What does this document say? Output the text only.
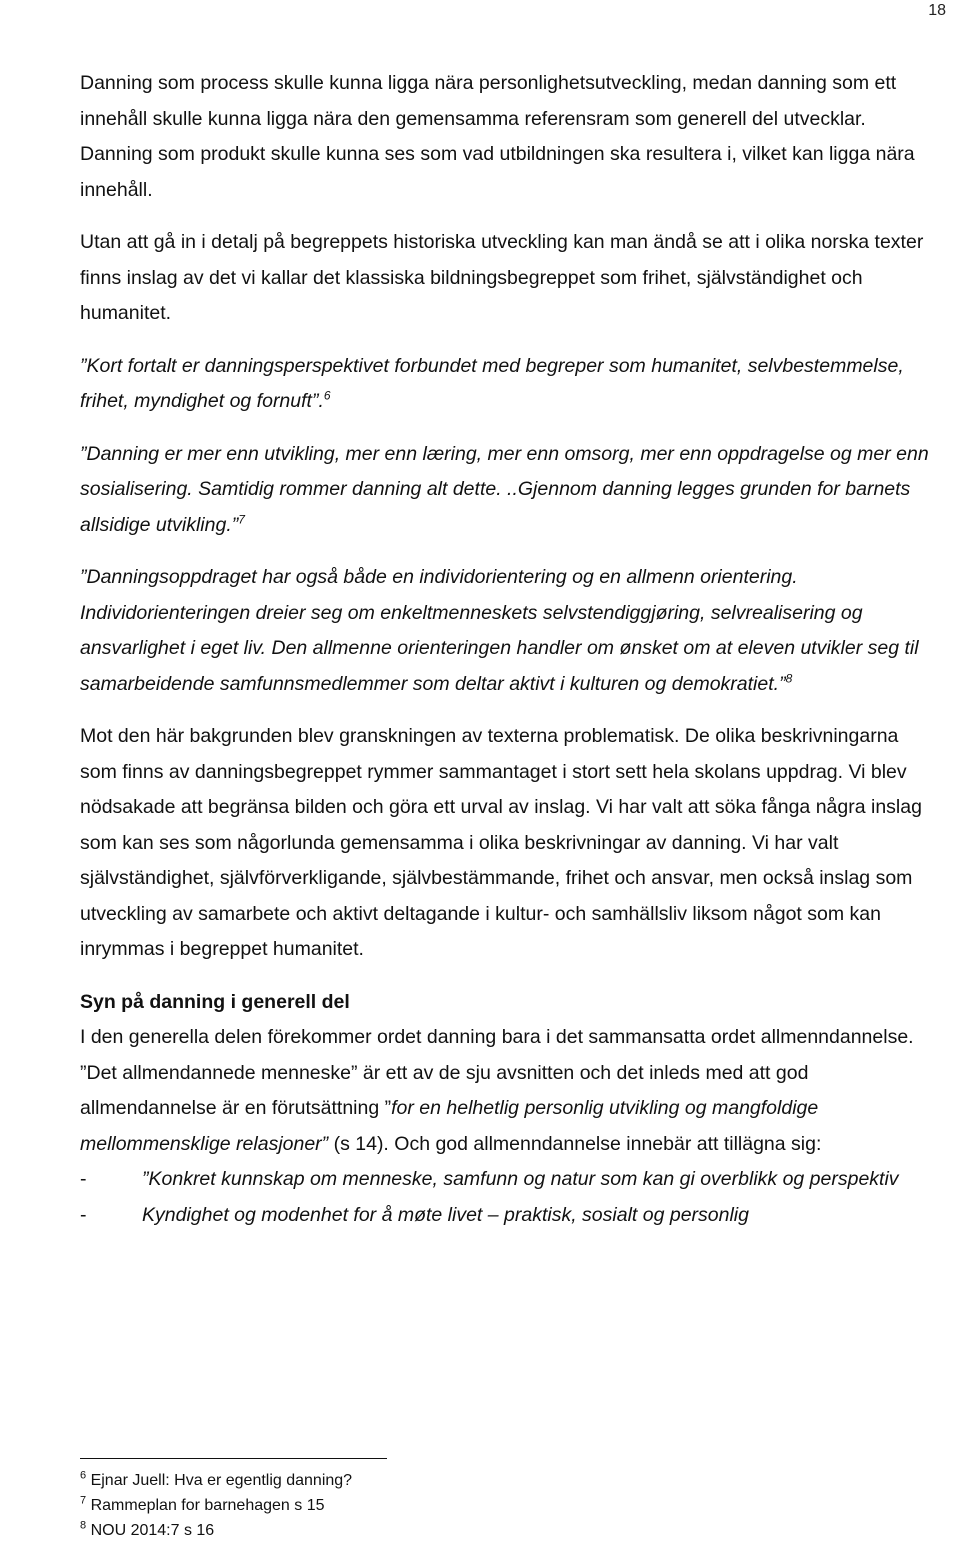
18

Danning som process skulle kunna ligga nära personlighetsutveckling, medan danning som ett innehåll skulle kunna ligga nära den gemensamma referensram som generell del utvecklar. Danning som produkt skulle kunna ses som vad utbildningen ska resultera i, vilket kan ligga nära innehåll.

Utan att gå in i detalj på begreppets historiska utveckling kan man ändå se att i olika norska texter finns inslag av det vi kallar det klassiska bildningsbegreppet som frihet, självständighet och humanitet.

”Kort fortalt er danningsperspektivet forbundet med begreper som humanitet, selvbestemmelse, frihet, myndighet og fornuft”.$^6$

”Danning er mer enn utvikling, mer enn læring, mer enn omsorg, mer enn oppdragelse og mer enn sosialisering. Samtidig rommer danning alt dette. ..Gjennom danning legges grunden for barnets allsidige utvikling.”$^7$

”Danningsoppdraget har også både en individorientering og en allmenn orientering. Individorienteringen dreier seg om enkeltmenneskets selvstendiggjøring, selvrealisering og ansvarlighet i eget liv. Den allmenne orienteringen handler om ønsket om at eleven utvikler seg til samarbeidende samfunnsmedlemmer som deltar aktivt i kulturen og demokratiet.”$^8$

Mot den här bakgrunden blev granskningen av texterna problematisk. De olika beskrivningarna som finns av danningsbegreppet rymmer sammantaget i stort sett hela skolans uppdrag. Vi blev nödsakade att begränsa bilden och göra ett urval av inslag. Vi har valt att söka fånga några inslag som kan ses som någorlunda gemensamma i olika beskrivningar av danning. Vi har valt självständighet, självförverkligande, självbestämmande, frihet och ansvar, men också inslag som utveckling av samarbete och aktivt deltagande i kultur- och samhällsliv liksom något som kan inrymmas i begreppet humanitet.

Syn på danning i generell del

I den generella delen förekommer ordet danning bara i det sammansatta ordet allmenndannelse. ”Det allmendannede menneske” är ett av de sju avsnitten och det inleds med att god allmendannelse är en förutsättning ”for en helhetlig personlig utvikling og mangfoldige mellommenskligе relasjoner” (s 14). Och god allmenndannelse innebär att tillägna sig:

-	”Konkret kunnskap om menneske, samfunn og natur som kan gi overblikk og perspektiv
-	Kyndighet og modenhet for å møte livet – praktisk, sosialt og personlig
$^6$ Ejnar Juell: Hva er egentlig danning?
$^7$ Rammeplan for barnehagen s 15
$^8$ NOU 2014:7 s 16
